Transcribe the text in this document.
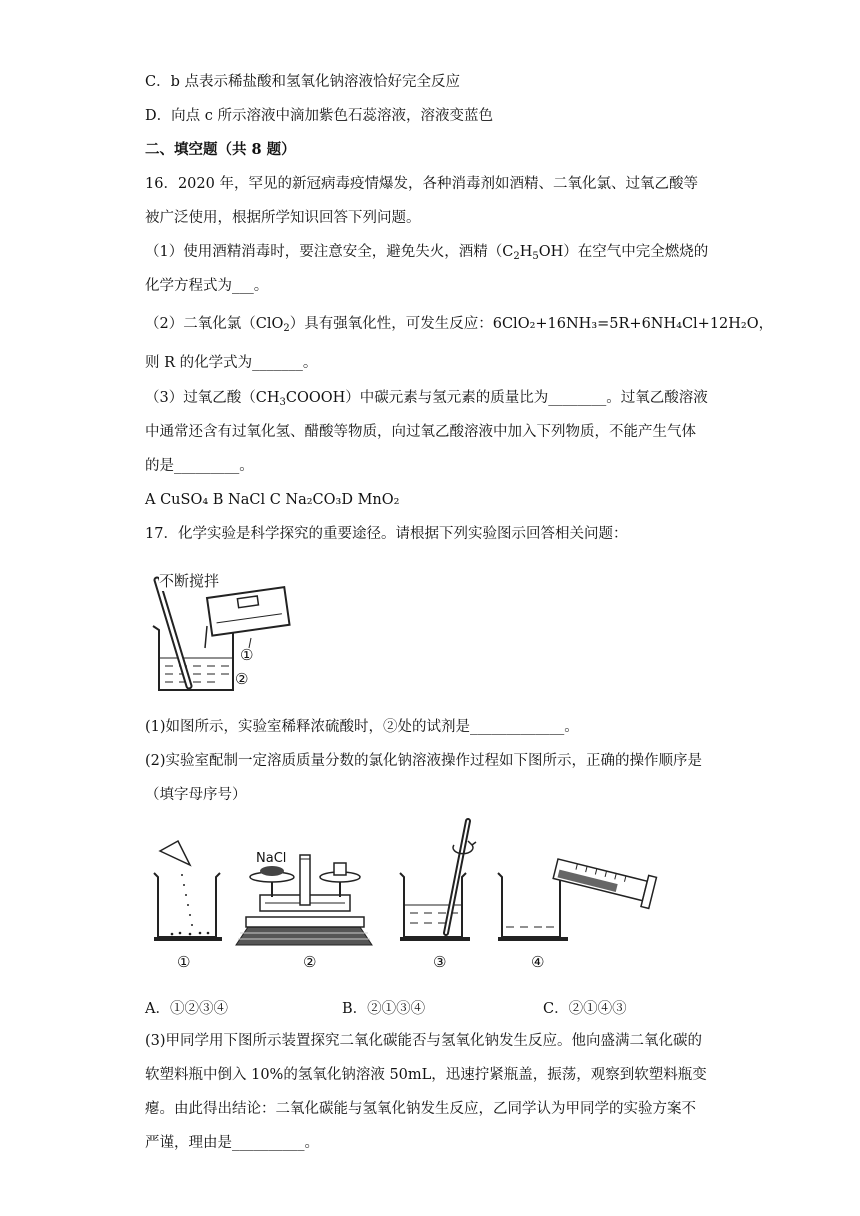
C．b 点表示稀盐酸和氢氧化钠溶液恰好完全反应
D．向点 c 所示溶液中滴加紫色石蕊溶液，溶液变蓝色
二、填空题（共 8 题）
16．2020 年，罕见的新冠病毒疫情爆发，各种消毒剂如酒精、二氧化氯、过氧乙酸等
被广泛使用，根据所学知识回答下列问题。
（1）使用酒精消毒时，要注意安全，避免失火，酒精$(C_2H_5OH)$在空气中完全燃烧的
化学方程式为___。
（2）二氧化氯（ClO$_2$）具有强氧化性，可发生反应：6ClO₂+16NH₃=5R+6NH₄Cl+12H₂O，
则 R 的化学式为_______。
（3）过氧乙酸$(CH_3COOOH)$中碳元素与氢元素的质量比为________。过氧乙酸溶液
中通常还含有过氧化氢、醋酸等物质，向过氧乙酸溶液中加入下列物质，不能产生气体
的是_________。
A CuSO₄ B NaCl C Na₂CO₃D MnO₂
17．化学实验是科学探究的重要途径。请根据下列实验图示回答相关问题：
不断搅拌
①
②
(1)如图所示，实验室稀释浓硫酸时，②处的试剂是_____________。
(2)实验室配制一定溶质质量分数的氯化钠溶液操作过程如下图所示，正确的操作顺序是
（填字母序号）
NaCl
①	②	③	④
A．①②③④	B．②①③④	C．②①④③
(3)甲同学用下图所示装置探究二氧化碳能否与氢氧化钠发生反应。他向盛满二氧化碳的
软塑料瓶中倒入 10%的氢氧化钠溶液 50mL，迅速拧紧瓶盖，振荡，观察到软塑料瓶变
瘪。由此得出结论：二氧化碳能与氢氧化钠发生反应，乙同学认为甲同学的实验方案不
严谨，理由是__________。
